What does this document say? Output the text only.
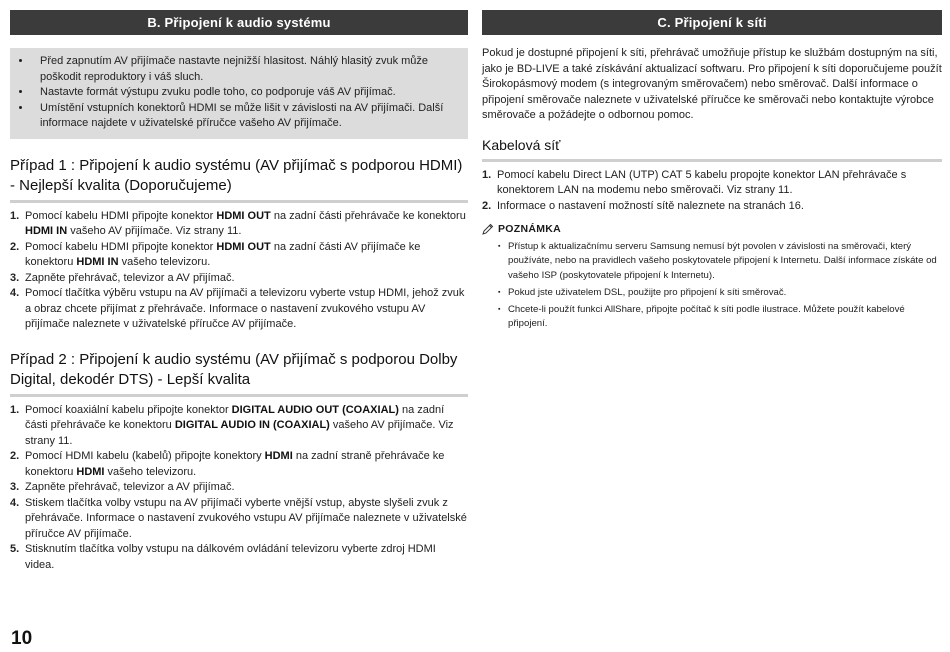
B. Připojení k audio systému
• Před zapnutím AV přijímače nastavte nejnižší hlasitost. Náhlý hlasitý zvuk může poškodit reproduktory i váš sluch.
• Nastavte formát výstupu zvuku podle toho, co podporuje váš AV přijímač.
• Umístění vstupních konektorů HDMI se může lišit v závislosti na AV přijímači. Další informace najdete v uživatelské příručce vašeho AV přijímače.
Případ 1 : Připojení k audio systému (AV přijímač s podporou HDMI) - Nejlepší kvalita (Doporučujeme)
1. Pomocí kabelu HDMI připojte konektor HDMI OUT na zadní části přehrávače ke konektoru HDMI IN vašeho AV přijímače. Viz strany 11.
2. Pomocí kabelu HDMI připojte konektor HDMI OUT na zadní části AV přijímače ke konektoru HDMI IN vašeho televizoru.
3. Zapněte přehrávač, televizor a AV přijímač.
4. Pomocí tlačítka výběru vstupu na AV přijímači a televizoru vyberte vstup HDMI, jehož zvuk a obraz chcete přijímat z přehrávače. Informace o nastavení zvukového vstupu AV přijímače naleznete v uživatelské příručce AV přijímače.
Případ 2 : Připojení k audio systému (AV přijímač s podporou Dolby Digital, dekodér DTS) - Lepší kvalita
1. Pomocí koaxiální kabelu připojte konektor DIGITAL AUDIO OUT (COAXIAL) na zadní části přehrávače ke konektoru DIGITAL AUDIO IN (COAXIAL) vašeho AV přijímače. Viz strany 11.
2. Pomocí HDMI kabelu (kabelů) připojte konektory HDMI na zadní straně přehrávače ke konektoru HDMI vašeho televizoru.
3. Zapněte přehrávač, televizor a AV přijímač.
4. Stiskem tlačítka volby vstupu na AV přijímači vyberte vnější vstup, abyste slyšeli zvuk z přehrávače. Informace o nastavení zvukového vstupu AV přijímače naleznete v uživatelské příručce AV přijímače.
5. Stisknutím tlačítka volby vstupu na dálkovém ovládání televizoru vyberte zdroj HDMI videa.
C. Připojení k síti
Pokud je dostupné připojení k síti, přehrávač umožňuje přístup ke službám dostupným na síti, jako je BD-LIVE a také získávání aktualizací softwaru. Pro připojení k síti doporučujeme použít Širokopásmový modem (s integrovaným směrovačem) nebo směrovač. Další informace o připojení směrovače naleznete v uživatelské příručce ke směrovači nebo kontaktujte výrobce směrovače a požádejte o odbornou pomoc.
Kabelová síť
1. Pomocí kabelu Direct LAN (UTP) CAT 5 kabelu propojte konektor LAN přehrávače s konektorem LAN na modemu nebo směrovači. Viz strany 11.
2. Informace o nastavení možností sítě naleznete na stranách 16.
POZNÁMKA
▪ Přístup k aktualizačnímu serveru Samsung nemusí být povolen v závislosti na směrovači, který používáte, nebo na pravidlech vašeho poskytovatele připojení k Internetu. Další informace získáte od vašeho ISP (poskytovatele připojení k Internetu).
▪ Pokud jste uživatelem DSL, použijte pro připojení k síti směrovač.
▪ Chcete-li použít funkci AllShare, připojte počítač k síti podle ilustrace. Můžete použít kabelové připojení.
10
